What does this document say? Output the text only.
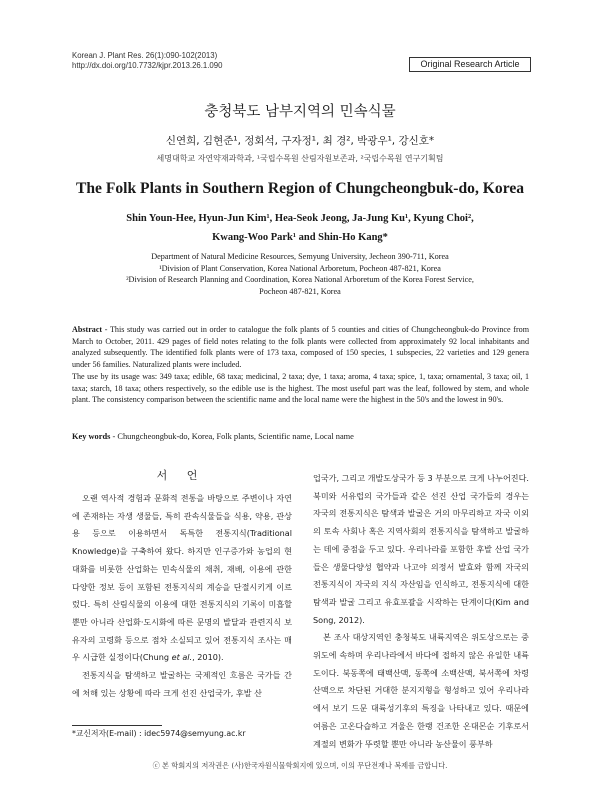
Korean J. Plant Res. 26(1):090-102(2013)
http://dx.doi.org/10.7732/kjpr.2013.26.1.090	Original Research Article
충청북도 남부지역의 민속식물
신연희, 김현준¹, 정회석, 구자정¹, 최 경², 박광우¹, 강신호*
세명대학교 자연약재과학과, ¹국립수목원 산림자원보존과, ²국립수목원 연구기획팀
The Folk Plants in Southern Region of Chungcheongbuk-do, Korea
Shin Youn-Hee, Hyun-Jun Kim¹, Hea-Seok Jeong, Ja-Jung Ku¹, Kyung Choi²,
Kwang-Woo Park¹ and Shin-Ho Kang*
Department of Natural Medicine Resources, Semyung University, Jecheon 390-711, Korea
¹Division of Plant Conservation, Korea National Arboretum, Pocheon 487-821, Korea
²Division of Research Planning and Coordination, Korea National Arboretum of the Korea Forest Service,
Pocheon 487-821, Korea
Abstract - This study was carried out in order to catalogue the folk plants of 5 counties and cities of Chungcheongbuk-do Province from March to October, 2011. 429 pages of field notes relating to the folk plants were collected from approximately 92 local inhabitants and analyzed subsequently. The identified folk plants were of 173 taxa, composed of 150 species, 1 subspecies, 22 varieties and 129 genera under 56 families. Naturalized plants were included.
The use by its usage was: 349 taxa; edible, 68 taxa; medicinal, 2 taxa; dye, 1 taxa; aroma, 4 taxa; spice, 1, taxa; ornamental, 3 taxa; oil, 1 taxa; starch, 18 taxa; others respectively, so the edible use is the highest. The most useful part was the leaf, followed by stem, and whole plant. The consistency comparison between the scientific name and the local name were the highest in the 50's and the lowest in 90's.
Key words - Chungcheongbuk-do, Korea, Folk plants, Scientific name, Local name
서 언

오랜 역사적 경험과 문화적 전통을 바탕으로 주변이나 자연에 존재하는 자생 생물들, 특히 관속식물들을 식용, 약용, 관상용 등으로 이용하면서 독특한 전통지식(Traditional Knowledge)을 구축하여 왔다. 하지만 인구증가와 농업의 현대화를 비롯한 산업화는 민속식물의 채취, 재배, 이용에 관한 다양한 정보 등이 포함된 전통지식의 계승을 단절시키게 이르렀다. 특히 산림식물의 이용에 대한 전통지식의 기록이 미흡할 뿐만 아니라 산업화·도시화에 따른 문명의 발달과 관련지식 보유자의 고령화 등으로 점차 소실되고 있어 전통지식 조사는 매우 시급한 실정이다(Chung et al., 2010).

전통지식을 탐색하고 발굴하는 국제적인 흐름은 국가들 간에 처해 있는 상황에 따라 크게 선진 산업국가, 후발 산

업국가, 그리고 개발도상국가 등 3 부분으로 크게 나누어진다. 북미와 서유럽의 국가들과 같은 선진 산업 국가들의 경우는 자국의 전통지식은 탐색과 발굴은 거의 마무리하고 자국 이외의 토속 사회나 혹은 지역사회의 전통지식을 탐색하고 발굴하는 데에 중점을 두고 있다. 우리나라를 포함한 후발 산업 국가들은 생물다양성 협약과 나고야 의정서 발효와 함께 자국의 전통지식이 자국의 지식 자산임을 인식하고, 전통지식에 대한 탐색과 발굴 그리고 유효포괄을 시작하는 단계이다(Kim and Song, 2012).

본 조사 대상지역인 충청북도 내륙지역은 위도상으로는 중위도에 속하며 우리나라에서 바다에 접하지 않은 유일한 내륙도이다. 북동쪽에 태백산맥, 동쪽에 소백산맥, 북서쪽에 차령산맥으로 차단된 거대한 분지지형을 형성하고 있어 우리나라에서 보기 드문 대륙성기후의 특징을 나타내고 있다. 때문에 여름은 고온다습하고 겨울은 한랭 건조한 온대몬순 기후로서 계절의 변화가 뚜렷할 뿐만 아니라 농산물이 풍부하

*교신저자(E-mail) : idec5974@semyung.ac.kr
ⓒ 본 학회지의 저작권은 (사)한국자원식물학회지에 있으며, 이의 무단전재나 복제를 금합니다.
